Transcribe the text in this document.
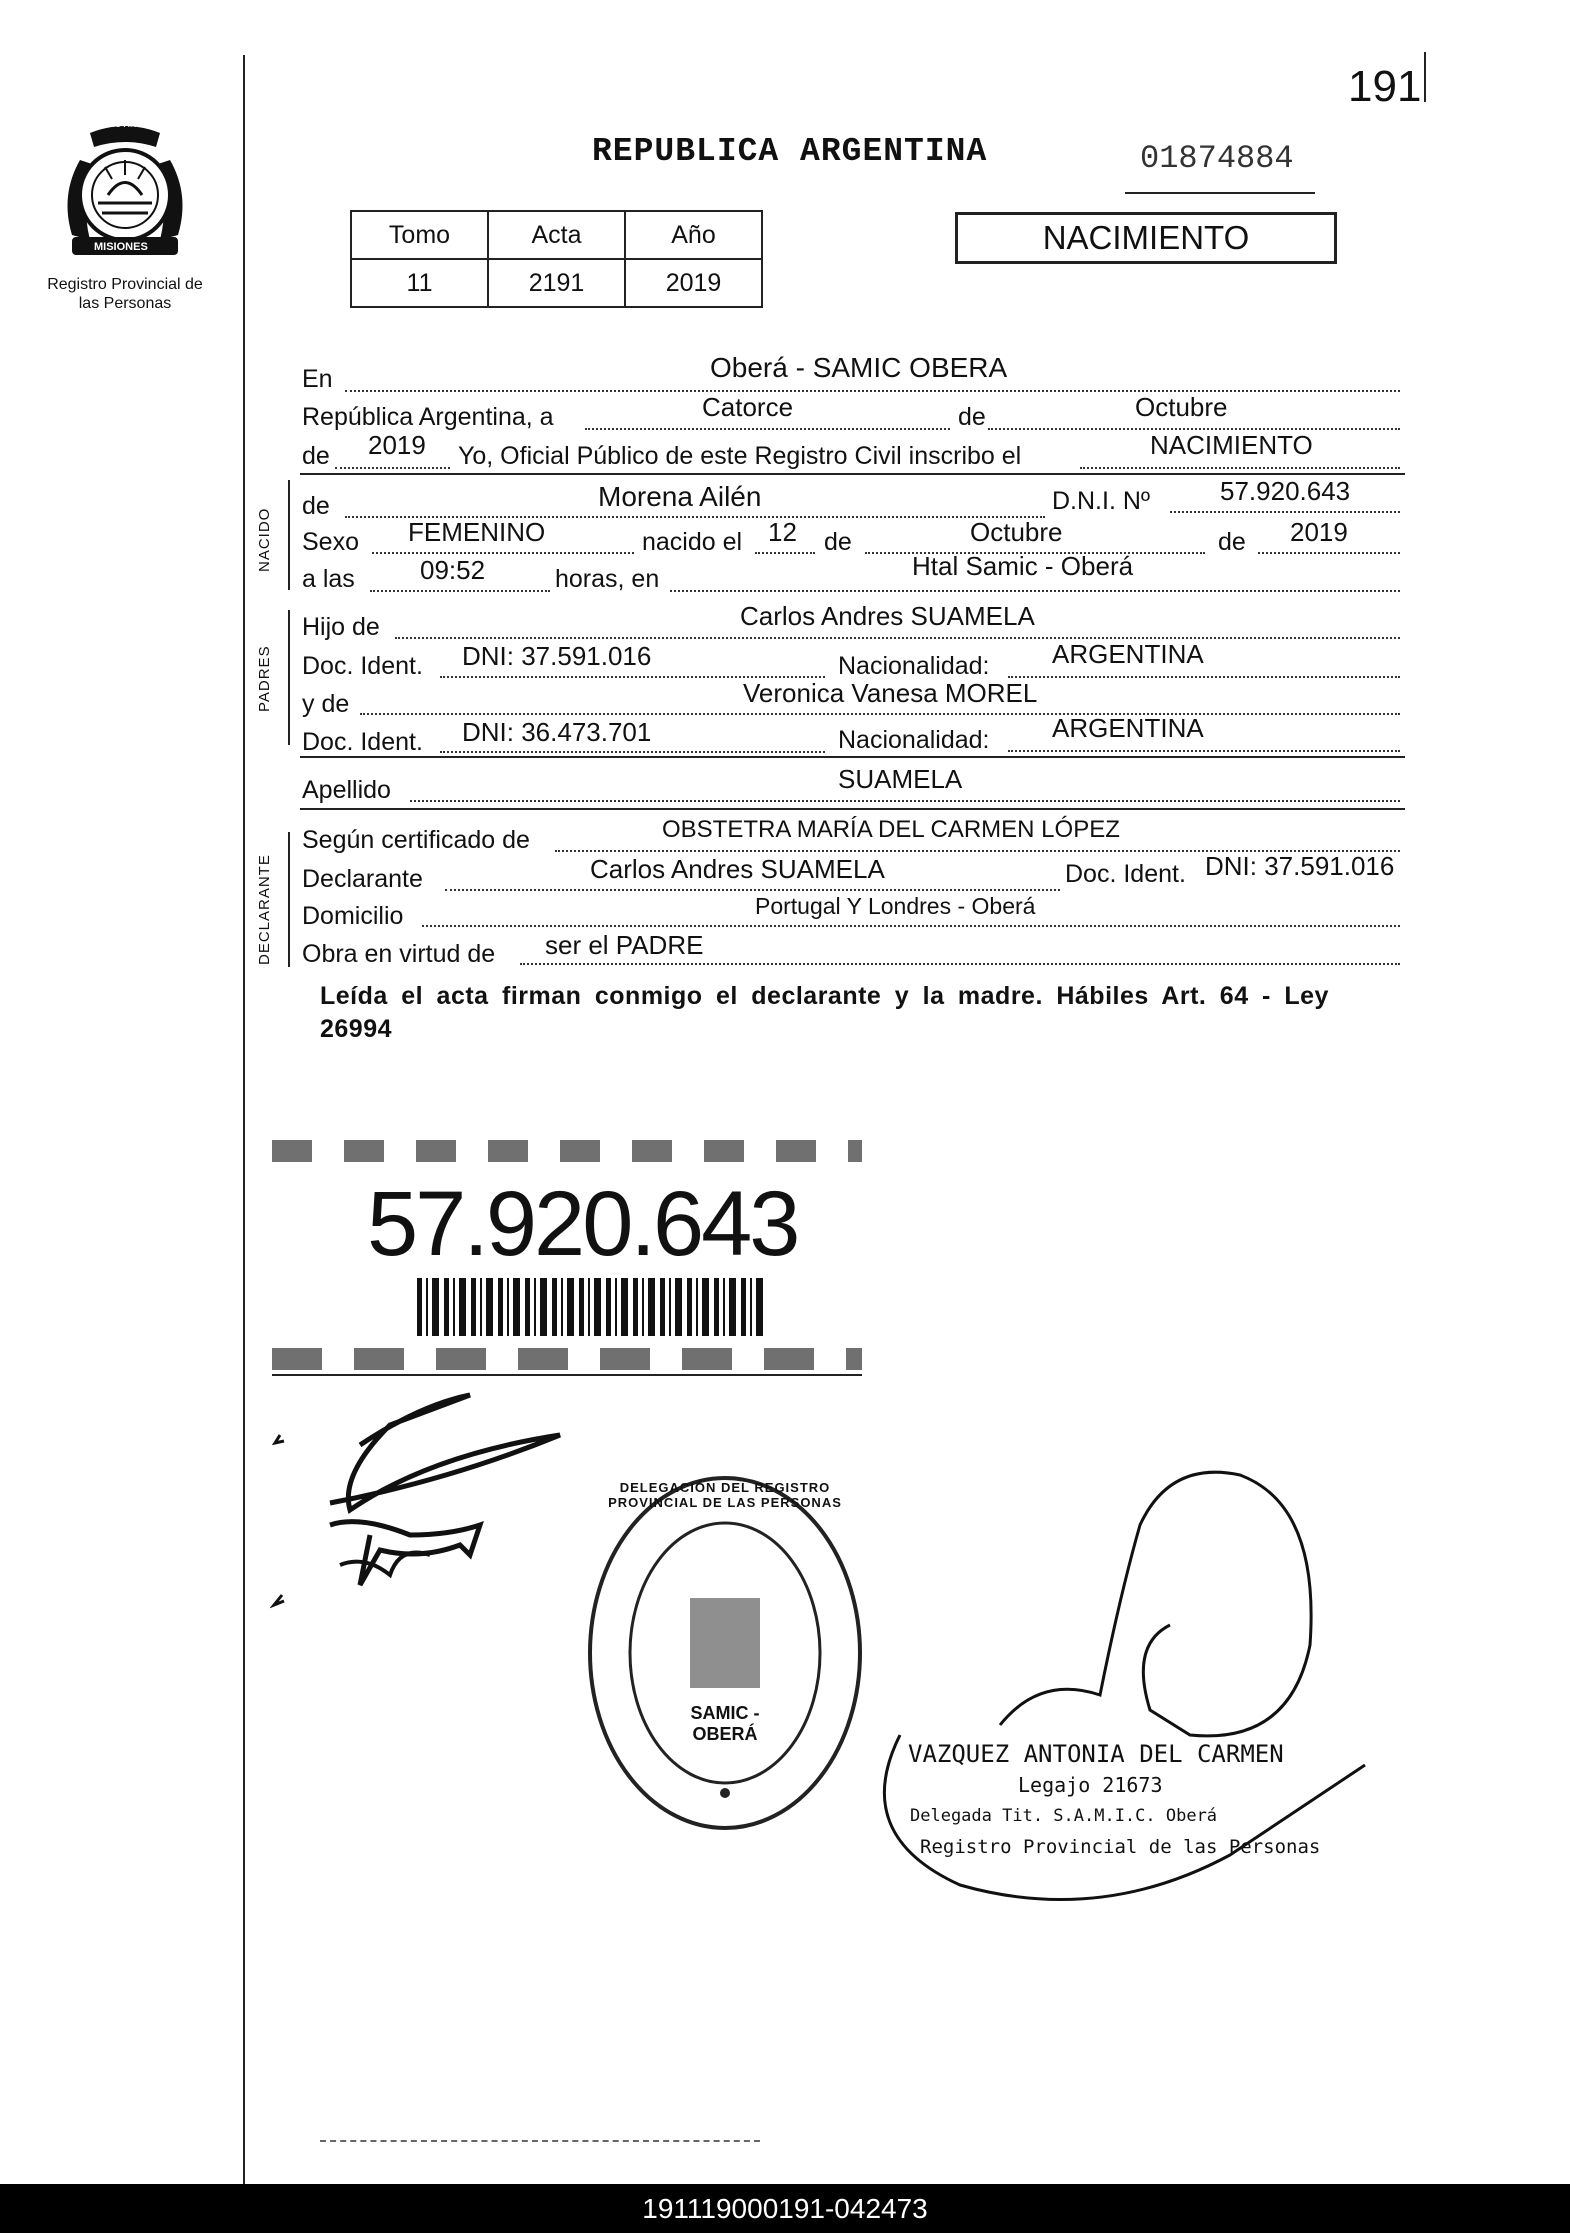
191
PROVINCIA DE
MISIONES
Registro Provincial de las Personas
REPUBLICA ARGENTINA	01874884
Tomo	Acta	Año
11	2191	2019
NACIMIENTO
En	Oberá - SAMIC OBERA
República Argentina, a	Catorce	de	Octubre
de 2019 Yo, Oficial Público de este Registro Civil inscribo el	NACIMIENTO
NACIDO
de	Morena Ailén	D.N.I. Nº	57.920.643
Sexo FEMENINO	nacido el 12 de	Octubre	de 2019
a las	09:52	horas, en	Htal Samic - Oberá
PADRES
Hijo de	Carlos Andres SUAMELA
Doc. Ident. DNI: 37.591.016	Nacionalidad: ARGENTINA
y de	Veronica Vanesa MOREL
Doc. Ident. DNI: 36.473.701	Nacionalidad: ARGENTINA
Apellido	SUAMELA
DECLARANTE
Según certificado de	OBSTETRA MARÍA DEL CARMEN LÓPEZ
Declarante	Carlos Andres SUAMELA	Doc. Ident. DNI: 37.591.016
Domicilio	Portugal Y Londres - Oberá
Obra en virtud de ser el PADRE
Leída el acta firman conmigo el declarante y la madre. Hábiles Art. 64 - Ley 26994
57.920.643
DELEGACIÓN DEL REGISTRO PROVINCIAL DE LAS PERSONAS
SAMIC - OBERÁ
VAZQUEZ ANTONIA DEL CARMEN
Legajo 21673
Delegada Tit. S.A.M.I.C. Oberá
Registro Provincial de las Personas
191119000191-042473
